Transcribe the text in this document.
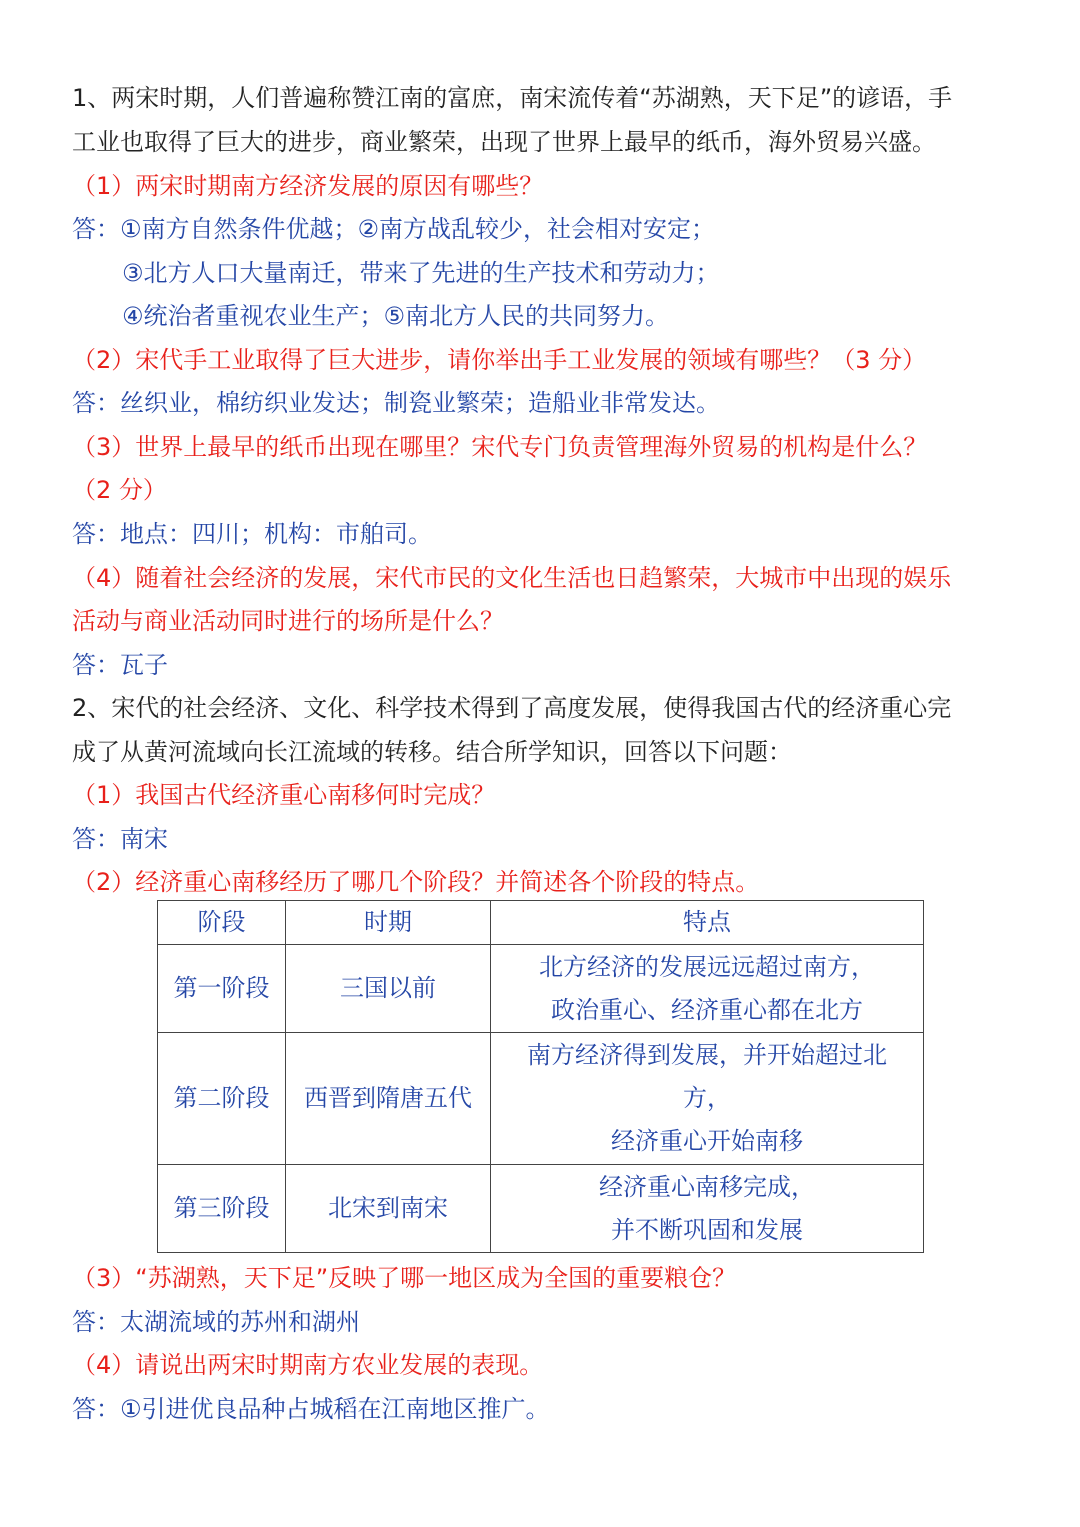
1、两宋时期，人们普遍称赞江南的富庶，南宋流传着“苏湖熟，天下足”的谚语，手
工业也取得了巨大的进步，商业繁荣，出现了世界上最早的纸币，海外贸易兴盛。
（1）两宋时期南方经济发展的原因有哪些？
答：①南方自然条件优越；②南方战乱较少，社会相对安定；
③北方人口大量南迁，带来了先进的生产技术和劳动力；
④统治者重视农业生产；⑤南北方人民的共同努力。
（2）宋代手工业取得了巨大进步，请你举出手工业发展的领域有哪些？（3 分）
答：丝织业，棉纺织业发达；制瓷业繁荣；造船业非常发达。
（3）世界上最早的纸币出现在哪里？宋代专门负责管理海外贸易的机构是什么？
（2 分）
答：地点：四川；机构：市舶司。
（4）随着社会经济的发展，宋代市民的文化生活也日趋繁荣，大城市中出现的娱乐
活动与商业活动同时进行的场所是什么？
答：瓦子
2、宋代的社会经济、文化、科学技术得到了高度发展，使得我国古代的经济重心完
成了从黄河流域向长江流域的转移。结合所学知识，回答以下问题：
（1）我国古代经济重心南移何时完成？
答：南宋
（2）经济重心南移经历了哪几个阶段？并简述各个阶段的特点。
阶段	时期	特点
第一阶段	三国以前	北方经济的发展远远超过南方，
政治重心、经济重心都在北方

第二阶段	西晋到隋唐五代	南方经济得到发展，并开始超过北
方，
经济重心开始南移

第三阶段	北宋到南宋	经济重心南移完成，
并不断巩固和发展
（3）“苏湖熟，天下足”反映了哪一地区成为全国的重要粮仓？
答：太湖流域的苏州和湖州
（4）请说出两宋时期南方农业发展的表现。
答：①引进优良品种占城稻在江南地区推广。
